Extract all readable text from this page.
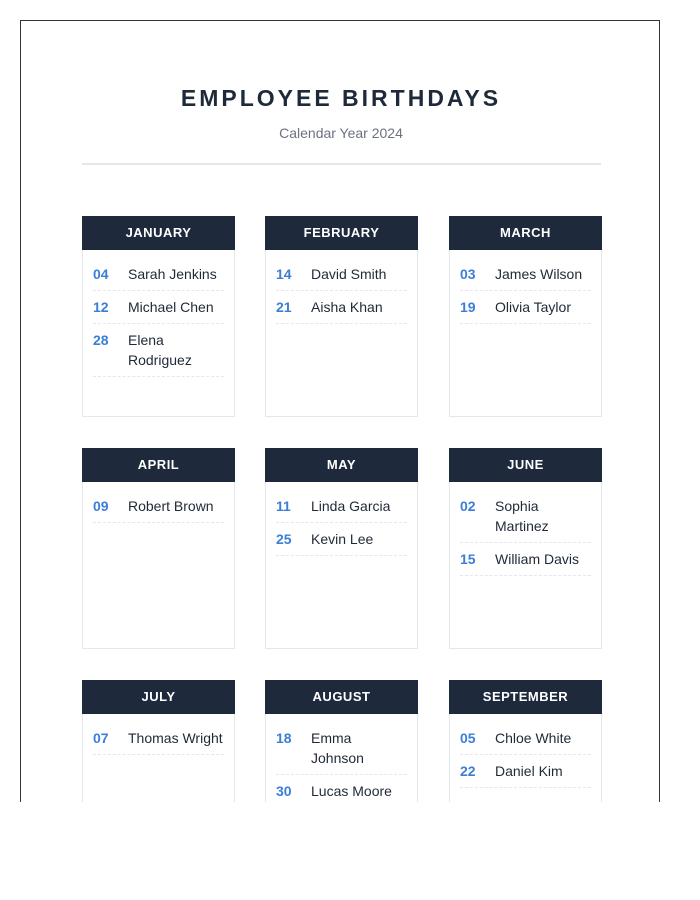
EMPLOYEE BIRTHDAYS
Calendar Year 2024
JANUARY
04	Sarah Jenkins
12	Michael Chen
28	Elena Rodriguez
FEBRUARY
14	David Smith
21	Aisha Khan
MARCH
03	James Wilson
19	Olivia Taylor
APRIL
09	Robert Brown
MAY
11	Linda Garcia
25	Kevin Lee
JUNE
02	Sophia Martinez
15	William Davis
JULY
07	Thomas Wright
AUGUST
18	Emma Johnson
30	Lucas Moore
SEPTEMBER
05	Chloe White
22	Daniel Kim
